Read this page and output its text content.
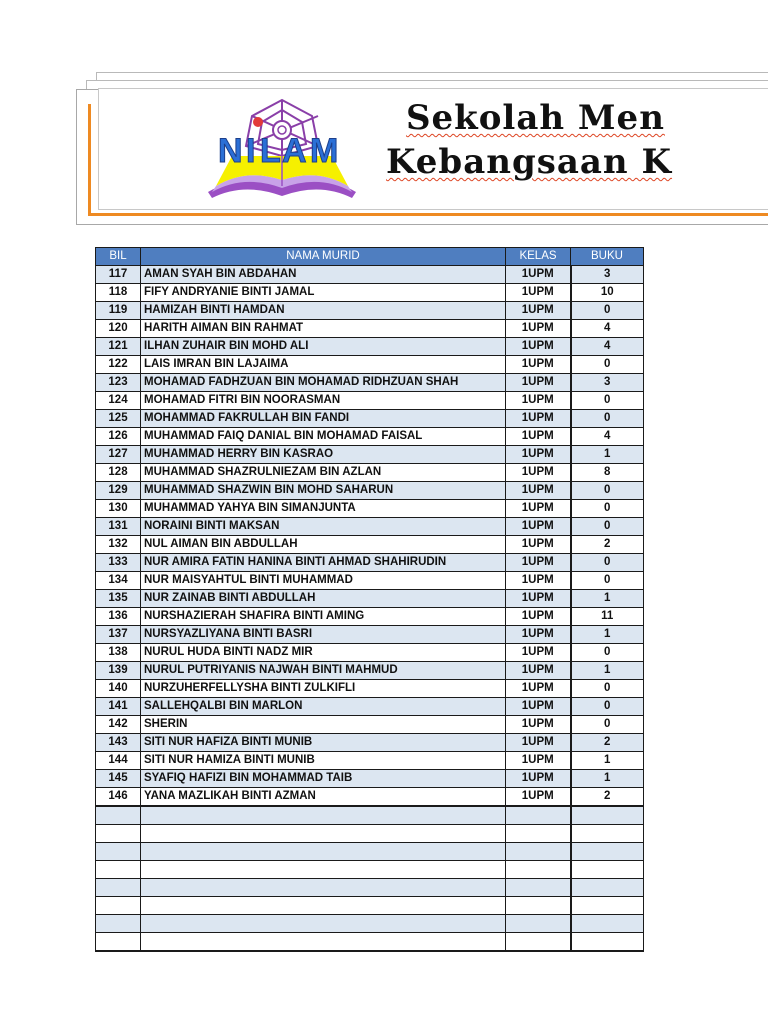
N I L A M
Sekolah Men
Kebangsaan K
BIL	NAMA MURID	KELAS	BUKU
117	AMAN SYAH BIN ABDAHAN	1UPM	3
118	FIFY ANDRYANIE BINTI JAMAL	1UPM	10
119	HAMIZAH BINTI HAMDAN	1UPM	0
120	HARITH AIMAN BIN RAHMAT	1UPM	4
121	ILHAN ZUHAIR BIN MOHD ALI	1UPM	4
122	LAIS IMRAN BIN LAJAIMA	1UPM	0
123	MOHAMAD FADHZUAN BIN MOHAMAD RIDHZUAN SHAH	1UPM	3
124	MOHAMAD FITRI BIN NOORASMAN	1UPM	0
125	MOHAMMAD FAKRULLAH BIN FANDI	1UPM	0
126	MUHAMMAD FAIQ DANIAL BIN MOHAMAD FAISAL	1UPM	4
127	MUHAMMAD HERRY BIN KASRAO	1UPM	1
128	MUHAMMAD SHAZRULNIEZAM BIN AZLAN	1UPM	8
129	MUHAMMAD SHAZWIN BIN MOHD SAHARUN	1UPM	0
130	MUHAMMAD YAHYA BIN SIMANJUNTA	1UPM	0
131	NORAINI BINTI MAKSAN	1UPM	0
132	NUL AIMAN BIN ABDULLAH	1UPM	2
133	NUR AMIRA FATIN HANINA BINTI AHMAD SHAHIRUDIN	1UPM	0
134	NUR MAISYAHTUL BINTI MUHAMMAD	1UPM	0
135	NUR ZAINAB BINTI ABDULLAH	1UPM	1
136	NURSHAZIERAH SHAFIRA BINTI AMING	1UPM	11
137	NURSYAZLIYANA BINTI BASRI	1UPM	1
138	NURUL HUDA BINTI NADZ MIR	1UPM	0
139	NURUL PUTRIYANIS NAJWAH BINTI MAHMUD	1UPM	1
140	NURZUHERFELLYSHA BINTI ZULKIFLI	1UPM	0
141	SALLEHQALBI BIN MARLON	1UPM	0
142	SHERIN	1UPM	0
143	SITI NUR HAFIZA BINTI MUNIB	1UPM	2
144	SITI NUR HAMIZA BINTI MUNIB	1UPM	1
145	SYAFIQ HAFIZI BIN MOHAMMAD TAIB	1UPM	1
146	YANA MAZLIKAH BINTI AZMAN	1UPM	2
